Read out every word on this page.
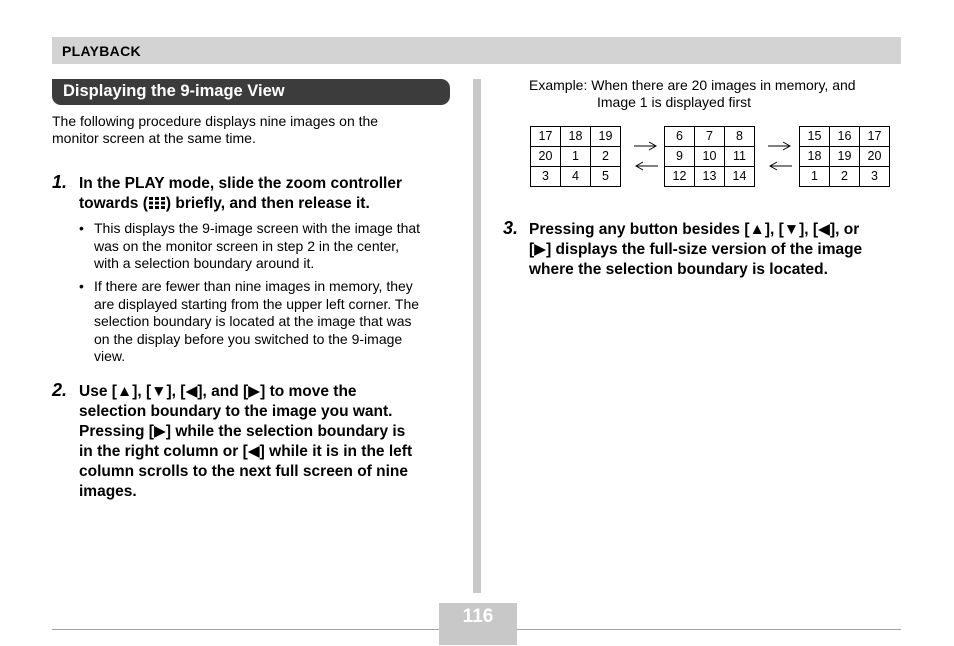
PLAYBACK
Displaying the 9-image View
The following procedure displays nine images on the
monitor screen at the same time.
1. In the PLAY mode, slide the zoom controller
towards ( ) briefly, and then release it.
• This displays the 9-image screen with the image that
was on the monitor screen in step 2 in the center,
with a selection boundary around it.
• If there are fewer than nine images in memory, they
are displayed starting from the upper left corner. The
selection boundary is located at the image that was
on the display before you switched to the 9-image
view.
2. Use [▲], [▼], [◀], and [▶] to move the
selection boundary to the image you want.
Pressing [▶] while the selection boundary is
in the right column or [◀] while it is in the left
column scrolls to the next full screen of nine
images.
Example: When there are 20 images in memory, and
Image 1 is displayed first
17	18	19
20	1	2
3	4	5
6	7	8
9	10	11
12	13	14
15	16	17
18	19	20
1	2	3
3. Pressing any button besides [▲], [▼], [◀], or
[▶] displays the full-size version of the image
where the selection boundary is located.
116
